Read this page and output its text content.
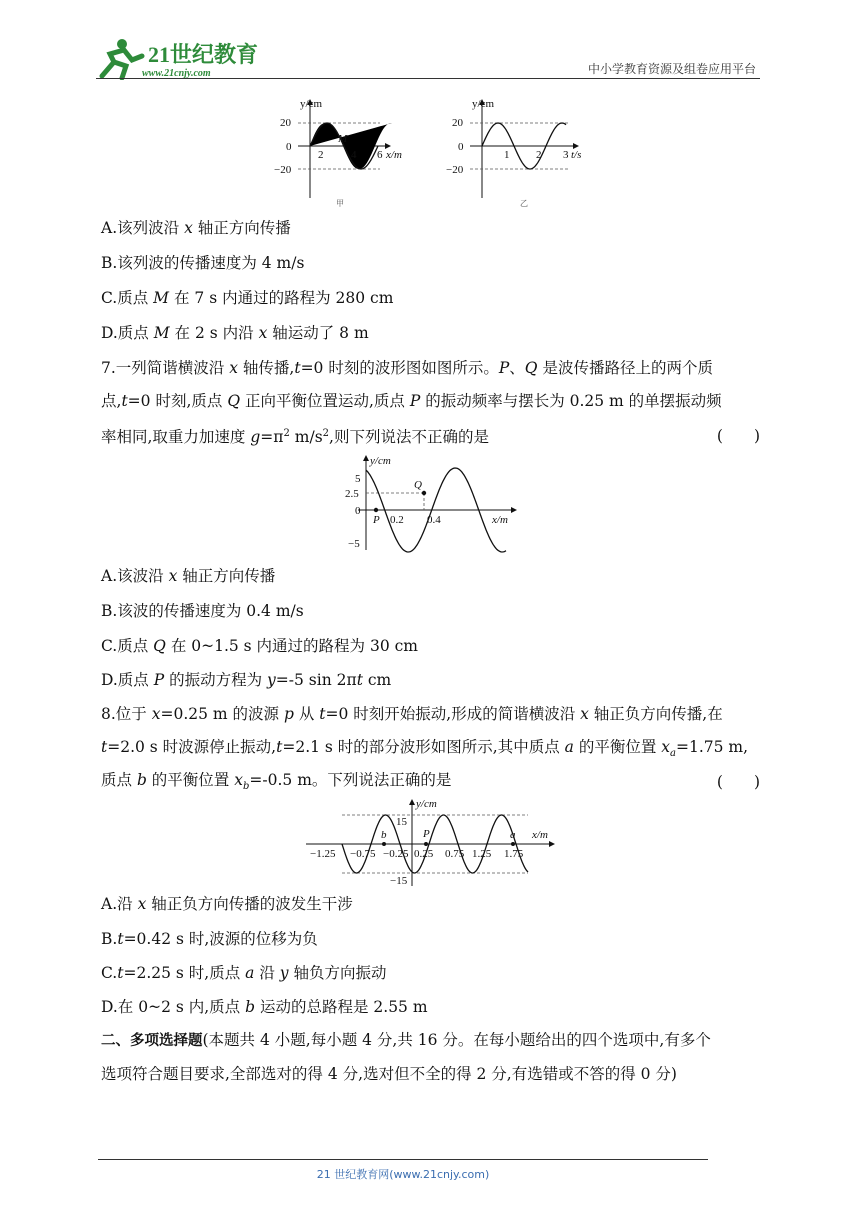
21世纪教育
www.21cnjy.com	中小学教育资源及组卷应用平台
y/cm
20
0
−20
2	4 6 x/m
M
甲
y/cm
20
0
−20
1 2 3 t/s
乙
A.该列波沿 x 轴正方向传播
B.该列波的传播速度为 4 m/s
C.质点 M 在 7 s 内通过的路程为 280 cm
D.质点 M 在 2 s 内沿 x 轴运动了 8 m
7.一列简谐横波沿 x 轴传播,t=0 时刻的波形图如图所示。P、Q 是波传播路径上的两个质
点,t=0 时刻,质点 Q 正向平衡位置运动,质点 P 的振动频率与摆长为 0.25 m 的单摆振动频
率相同,取重力加速度 $g=\pi^2$ $m/s^2$,则下列说法不正确的是	(　　)
y/cm
5
2.5
0
−5
P
Q
0.2 0.4	x/m
A.该波沿 x 轴正方向传播
B.该波的传播速度为 0.4 m/s
C.质点 Q 在 0~1.5 s 内通过的路程为 30 cm
D.质点 P 的振动方程为 y=-5 sin 2πt cm
8.位于 x=0.25 m 的波源 p 从 t=0 时刻开始振动,形成的简谐横波沿 x 轴正负方向传播,在
t=2.0 s 时波源停止振动,t=2.1 s 时的部分波形如图所示,其中质点 a 的平衡位置 $x_a=1.75$ m,
质点 b 的平衡位置 $x_b=-0.5$ m。下列说法正确的是	(　　)
y/cm
15
−15
b	P	a x/m
−1.25 −0.75 −0.25 0.25 0.75 1.25 1.75
A.沿 x 轴正负方向传播的波发生干涉
B.t=0.42 s 时,波源的位移为负
C.t=2.25 s 时,质点 a 沿 y 轴负方向振动
D.在 0~2 s 内,质点 b 运动的总路程是 2.55 m
二、多项选择题(本题共 4 小题,每小题 4 分,共 16 分。在每小题给出的四个选项中,有多个
选项符合题目要求,全部选对的得 4 分,选对但不全的得 2 分,有选错或不答的得 0 分)
21 世纪教育网(www.21cnjy.com)
